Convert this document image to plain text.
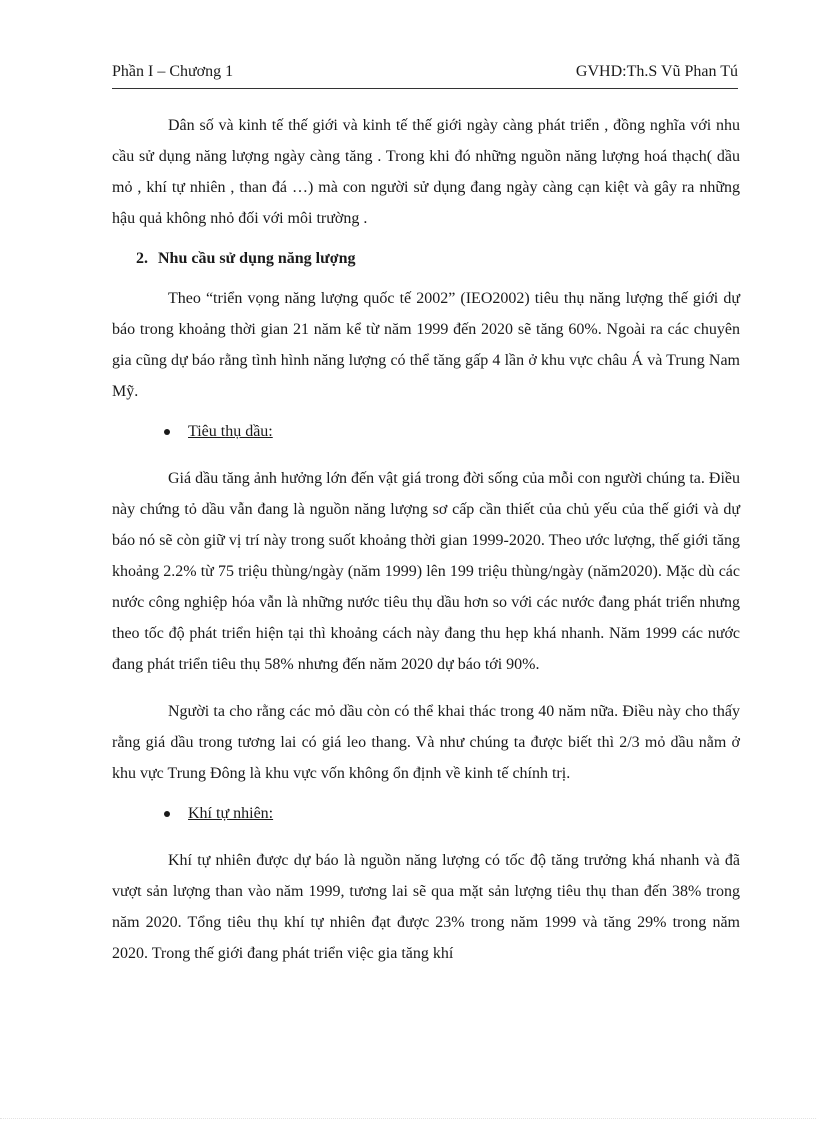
Phần I – Chương 1	GVHD:Th.S Vũ Phan Tú

Dân số và kinh tế thế giới và kinh tế thế giới ngày càng phát triển , đồng nghĩa với nhu cầu sử dụng năng lượng ngày càng tăng . Trong khi đó những nguồn năng lượng hoá thạch( dầu mỏ , khí tự nhiên , than đá …) mà con người sử dụng đang ngày càng cạn kiệt và gây ra những hậu quả không nhỏ đối với môi trường .

2. Nhu cầu sử dụng năng lượng

Theo “triển vọng năng lượng quốc tế 2002” (IEO2002) tiêu thụ năng lượng thế giới dự báo trong khoảng thời gian 21 năm kể từ năm 1999 đến 2020 sẽ tăng 60%. Ngoài ra các chuyên gia cũng dự báo rằng tình hình năng lượng có thể tăng gấp 4 lần ở khu vực châu Á và Trung Nam Mỹ.

Tiêu thụ dầu:

Giá dầu tăng ảnh hưởng lớn đến vật giá trong đời sống của mỗi con người chúng ta. Điều này chứng tỏ dầu vẫn đang là nguồn năng lượng sơ cấp cần thiết của chủ yếu của thế giới và dự báo nó sẽ còn giữ vị trí này trong suốt khoảng thời gian 1999-2020. Theo ước lượng, thế giới tăng khoảng 2.2% từ 75 triệu thùng/ngày (năm 1999) lên 199 triệu thùng/ngày (năm2020). Mặc dù các nước công nghiệp hóa vẫn là những nước tiêu thụ dầu hơn so với các nước đang phát triển nhưng theo tốc độ phát triển hiện tại thì khoảng cách này đang thu hẹp khá nhanh. Năm 1999 các nước đang phát triển tiêu thụ 58% nhưng đến năm 2020 dự báo tới 90%.

Người ta cho rằng các mỏ dầu còn có thể khai thác trong 40 năm nữa. Điều này cho thấy rằng giá dầu trong tương lai có giá leo thang. Và như chúng ta được biết thì 2/3 mỏ dầu nằm ở khu vực Trung Đông là khu vực vốn không ổn định về kinh tế chính trị.

Khí tự nhiên:

Khí tự nhiên được dự báo là nguồn năng lượng có tốc độ tăng trưởng khá nhanh và đã vượt sản lượng than vào năm 1999, tương lai sẽ qua mặt sản lượng tiêu thụ than đến 38% trong năm 2020. Tổng tiêu thụ khí tự nhiên đạt được 23% trong năm 1999 và tăng 29% trong năm 2020. Trong thế giới đang phát triển việc gia tăng khí
